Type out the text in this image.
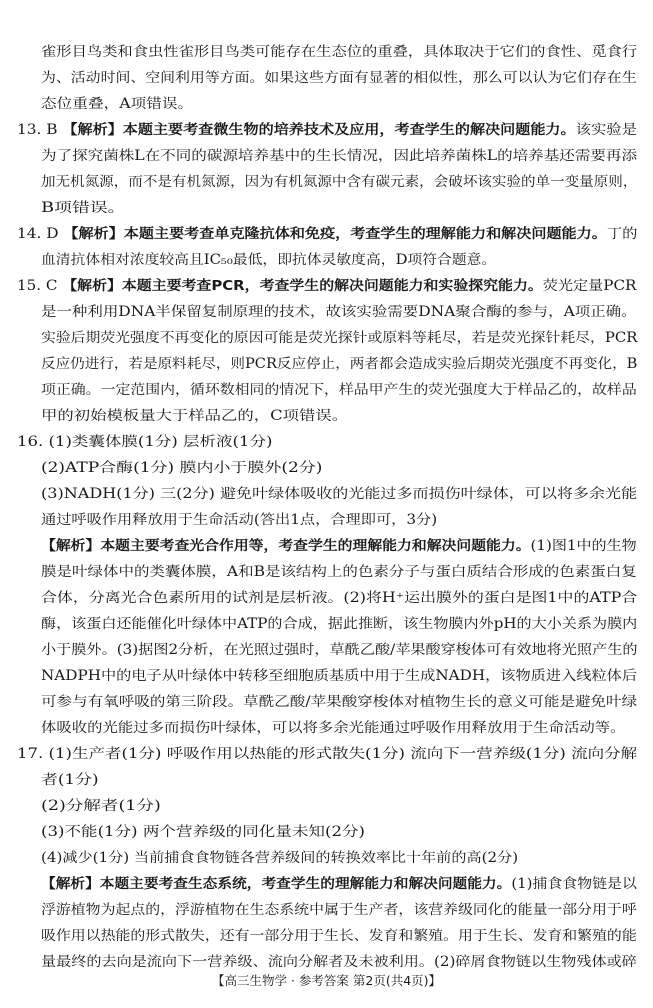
雀形目鸟类和食虫性雀形目鸟类可能存在生态位的重叠，具体取决于它们的食性、觅食行
为、活动时间、空间利用等方面。如果这些方面有显著的相似性，那么可以认为它们存在生
态位重叠，A项错误。
13. B 【解析】本题主要考查微生物的培养技术及应用，考查学生的解决问题能力。该实验是
为了探究菌株L在不同的碳源培养基中的生长情况，因此培养菌株L的培养基还需要再添
加无机氮源，而不是有机氮源，因为有机氮源中含有碳元素，会破坏该实验的单一变量原则，
B项错误。
14. D 【解析】本题主要考查单克隆抗体和免疫，考查学生的理解能力和解决问题能力。丁的
血清抗体相对浓度较高且IC₅₀最低，即抗体灵敏度高，D项符合题意。
15. C 【解析】本题主要考查PCR，考查学生的解决问题能力和实验探究能力。荧光定量PCR
是一种利用DNA半保留复制原理的技术，故该实验需要DNA聚合酶的参与，A项正确。
实验后期荧光强度不再变化的原因可能是荧光探针或原料等耗尽，若是荧光探针耗尽，PCR
反应仍进行，若是原料耗尽，则PCR反应停止，两者都会造成实验后期荧光强度不再变化，B
项正确。一定范围内，循环数相同的情况下，样品甲产生的荧光强度大于样品乙的，故样品
甲的初始模板量大于样品乙的，C项错误。
16. (1)类囊体膜(1分) 层析液(1分)
(2)ATP合酶(1分) 膜内小于膜外(2分)
(3)NADH(1分) 三(2分) 避免叶绿体吸收的光能过多而损伤叶绿体，可以将多余光能
通过呼吸作用释放用于生命活动(答出1点，合理即可，3分)
【解析】本题主要考查光合作用等，考查学生的理解能力和解决问题能力。(1)图1中的生物
膜是叶绿体中的类囊体膜，A和B是该结构上的色素分子与蛋白质结合形成的色素蛋白复
合体，分离光合色素所用的试剂是层析液。(2)将H⁺运出膜外的蛋白是图1中的ATP合
酶，该蛋白还能催化叶绿体中ATP的合成，据此推断，该生物膜内外pH的大小关系为膜内
小于膜外。(3)据图2分析，在光照过强时，草酰乙酸/苹果酸穿梭体可有效地将光照产生的
NADPH中的电子从叶绿体中转移至细胞质基质中用于生成NADH，该物质进入线粒体后
可参与有氧呼吸的第三阶段。草酰乙酸/苹果酸穿梭体对植物生长的意义可能是避免叶绿
体吸收的光能过多而损伤叶绿体，可以将多余光能通过呼吸作用释放用于生命活动等。
17. (1)生产者(1分) 呼吸作用以热能的形式散失(1分) 流向下一营养级(1分) 流向分解
者(1分)
(2)分解者(1分)
(3)不能(1分) 两个营养级的同化量未知(2分)
(4)减少(1分) 当前捕食食物链各营养级间的转换效率比十年前的高(2分)
【解析】本题主要考查生态系统，考查学生的理解能力和解决问题能力。(1)捕食食物链是以
浮游植物为起点的，浮游植物在生态系统中属于生产者，该营养级同化的能量一部分用于呼
吸作用以热能的形式散失，还有一部分用于生长、发育和繁殖。用于生长、发育和繁殖的能
量最终的去向是流向下一营养级、流向分解者及未被利用。(2)碎屑食物链以生物残体或碎
【高三生物学 · 参考答案 第2页(共4页)】
